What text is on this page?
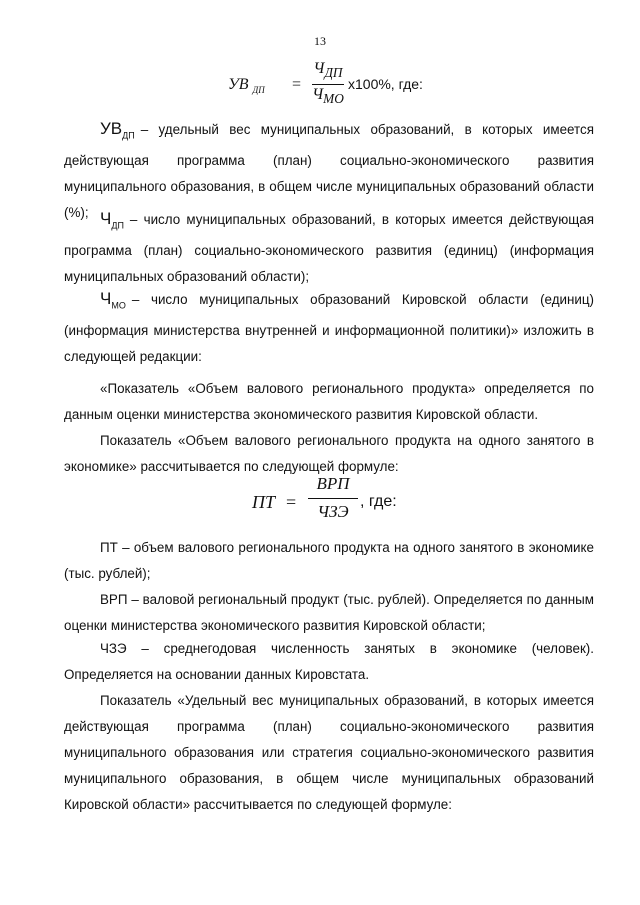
13
УВ $_{ДП}$ =
$Ч_{ДП}$
$Ч_{МО}$
х100%, где:
$УВ_{ДП}$ – удельный вес муниципальных образований, в которых имеется действующая программа (план) социально-экономического развития муниципального образования, в общем числе муниципальных образований области (%); $Ч_{ДП}$ – число муниципальных образований, в которых имеется действующая программа (план) социально-экономического развития (единиц) (информация муниципальных образований области);
$Ч_{МО}$ – число муниципальных образований Кировской области (единиц) (информация министерства внутренней и информационной политики)» изложить в следующей редакции:
«Показатель «Объем валового регионального продукта» определяется по данным оценки министерства экономического развития Кировской области.
Показатель «Объем валового регионального продукта на одного занятого в экономике» рассчитывается по следующей формуле:
ПТ =
ВРП
ЧЗЭ
, где:
ПТ – объем валового регионального продукта на одного занятого в экономике (тыс. рублей);
ВРП – валовой региональный продукт (тыс. рублей). Определяется по данным оценки министерства экономического развития Кировской области;
ЧЗЭ – среднегодовая численность занятых в экономике (человек). Определяется на основании данных Кировстата.
Показатель «Удельный вес муниципальных образований, в которых имеется действующая программа (план) социально-экономического развития муниципального образования или стратегия социально-экономического развития муниципального образования, в общем числе муниципальных образований Кировской области» рассчитывается по следующей формуле:
